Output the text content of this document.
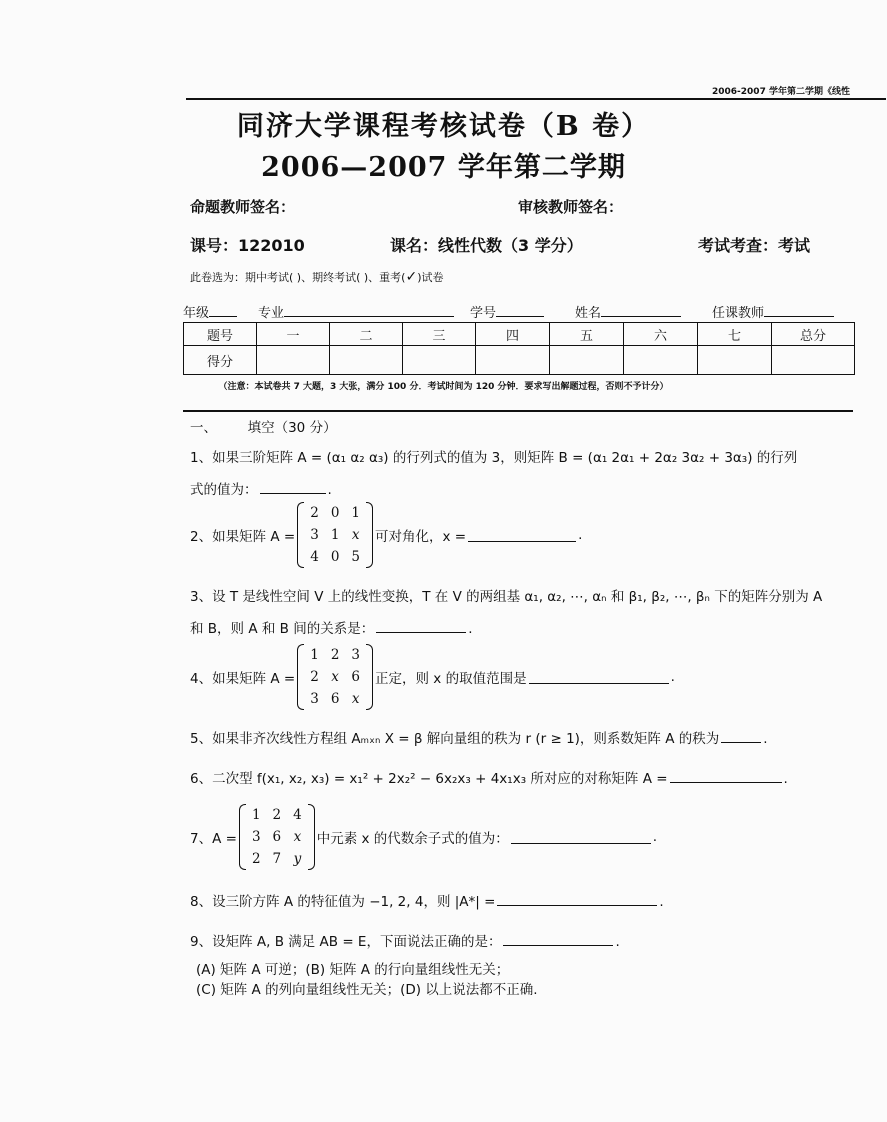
2006-2007 学年第二学期《线性
同济大学课程考核试卷（B 卷）
2006—2007 学年第二学期
命题教师签名：	审核教师签名：
课号：122010	课名：线性代数（3 学分）	考试考查：考试
此卷选为：期中考试( )、期终考试( )、重考(✓)试卷
年级	专业	学号	姓名	任课教师
题号	一	二	三	四	五	六	七	总分
得分								
（注意：本试卷共 7 大题，3 大张，满分 100 分．考试时间为 120 分钟．要求写出解题过程，否则不予计分）
一、 填空（30 分）
1、如果三阶矩阵 A = (α₁ α₂ α₃) 的行列式的值为 3，则矩阵 B = (α₁ 2α₁ + 2α₂ 3α₂ + 3α₃) 的行列
式的值为：	.
2、如果矩阵 A =
2	0	1
3	1	x
4	0	5
可对角化，x =	.
3、设 T 是线性空间 V 上的线性变换，T 在 V 的两组基 α₁, α₂, ⋯, αₙ 和 β₁, β₂, ⋯, βₙ 下的矩阵分别为 A
和 B，则 A 和 B 间的关系是：	.
4、如果矩阵 A =
1	2	3
2	x	6
3	6	x
正定，则 x 的取值范围是	.
5、如果非齐次线性方程组 Aₘₓₙ X = β 解向量组的秩为 r (r ≥ 1)，则系数矩阵 A 的秩为	.
6、二次型 f(x₁, x₂, x₃) = x₁² + 2x₂² − 6x₂x₃ + 4x₁x₃ 所对应的对称矩阵 A =	.
7、A =
1	2	4
3	6	x
2	7	y
中元素 x 的代数余子式的值为：	.
8、设三阶方阵 A 的特征值为 −1, 2, 4，则 |A*| =	.
9、设矩阵 A, B 满足 AB = E，下面说法正确的是：	.
(A) 矩阵 A 可逆；(B) 矩阵 A 的行向量组线性无关；
(C) 矩阵 A 的列向量组线性无关；(D) 以上说法都不正确.
